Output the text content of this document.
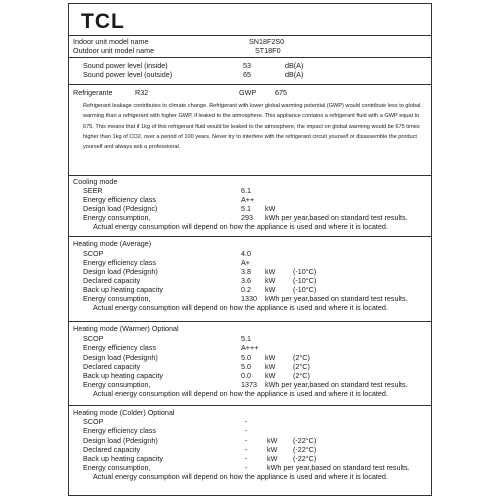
TCL
Indoor unit model name	SN18F2S0
Outdoor unit model name	ST18F0
Sound power level (inside)	53	dB(A)
Sound power level (outside)	65	dB(A)
Refrigerante	R32	GWP	675
Refrigerant leakage contributes to climate change. Refrigerant with lower global warming potential (GWP) would contribute less to global warming than a refrigerant with higher GWP, if leaked to the atmosphere. This appliance contains a refrigerant fluid with a GWP equal to 675. This means that if 1kg of this refrigerant fluid would be leaked to the atmosphere, the impact on global warming would be 675 times higher than 1kg of CO2, over a period of 100 years. Never try to interfere with the refrigerant circuit yourself or disassemble the product yourself and always ask a professional.
Cooling mode
SEER	6.1
Energy efficiency class	A++
Design load (Pdesignc)	5.1 kW
Energy consumption,	293 kWh per year,based on standard test results.
Actual energy consumption will depend on how the appliance is used and where it is located.
Heating mode (Average)
SCOP	4.0
Energy efficiency class	A+
Design load (Pdesignh)	3.8 kW (-10°C)
Declared capacity	3.6 kW (-10°C)
Back up heating capacity	0.2 kW (-10°C)
Energy consumption,	1330 kWh per year,based on standard test results.
Actual energy consumption will depend on how the appliance is used and where it is located.
Heating mode (Warmer) Optional
SCOP	5.1
Energy efficiency class	A+++
Design load (Pdesignh)	5.0 kW (2°C)
Declared capacity	5.0 kW (2°C)
Back up heating capacity	0.0 kW (2°C)
Energy consumption,	1373 kWh per year,based on standard test results.
Actual energy consumption will depend on how the appliance is used and where it is located.
Heating mode (Colder) Optional
SCOP	-
Energy efficiency class	-
Design load (Pdesignh)	-	kW (-22°C)
Declared capacity	-	kW (-22°C)
Back up heating capacity	-	kW (-22°C)
Energy consumption,	-	kWh per year,based on standard test results.
Actual energy consumption will depend on how the appliance is used and where it is located.
